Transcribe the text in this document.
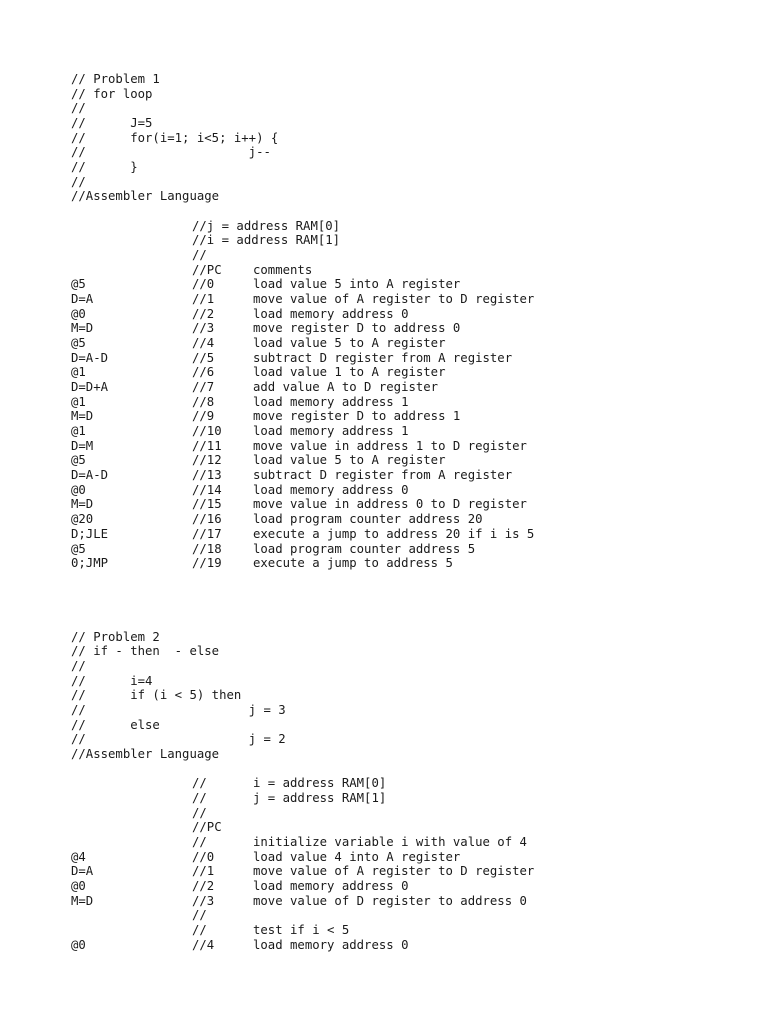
// Problem 1
// for loop
//
//      J=5
//      for(i=1; i<5; i++) {
//                      j--
//      }
//
//Assembler Language
//j = address RAM[0]
//i = address RAM[1]
//
//PC	comments
@5	//0	load value 5 into A register
D=A	//1	move value of A register to D register
@0	//2	load memory address 0
M=D	//3	move register D to address 0
@5	//4	load value 5 to A register
D=A-D	//5	subtract D register from A register
@1	//6	load value 1 to A register
D=D+A	//7	add value A to D register
@1	//8	load memory address 1
M=D	//9	move register D to address 1
@1	//10	load memory address 1
D=M	//11	move value in address 1 to D register
@5	//12	load value 5 to A register
D=A-D	//13	subtract D register from A register
@0	//14	load memory address 0
M=D	//15	move value in address 0 to D register
@20	//16	load program counter address 20
D;JLE	//17	execute a jump to address 20 if i is 5
@5	//18	load program counter address 5
0;JMP	//19	execute a jump to address 5
// Problem 2
// if - then  - else
//
//      i=4
//      if (i < 5) then
//                      j = 3
//      else
//                      j = 2
//Assembler Language
//	i = address RAM[0]
//	j = address RAM[1]
//
//PC
//	initialize variable i with value of 4
@4	//0	load value 4 into A register
D=A	//1	move value of A register to D register
@0	//2	load memory address 0
M=D	//3	move value of D register to address 0
//
//	test if i < 5
@0	//4	load memory address 0
